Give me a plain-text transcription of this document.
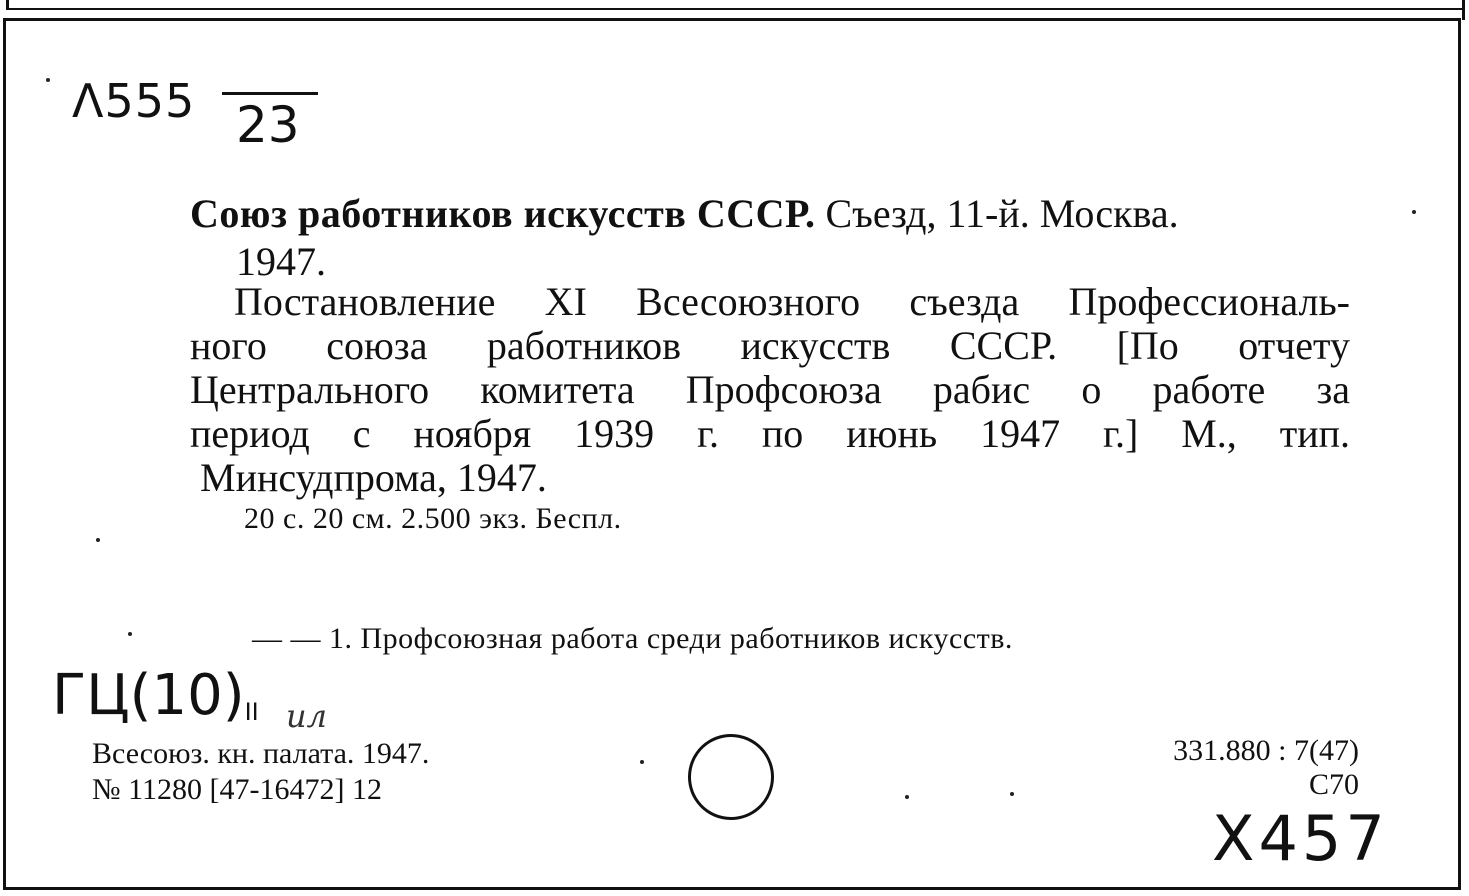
Λ555 23
Союз работников искусств СССР. Съезд, 11-й. Москва.
1947.
Постановление XI Всесоюзного съезда Профессиональ-
ного союза работников искусств СССР. [По отчету
Центрального комитета Профсоюза рабис о работе за
период с ноября 1939 г. по июнь 1947 г.] М., тип.
Минсудпрома, 1947.
20 с. 20 см. 2.500 экз. Беспл.
— — 1. Профсоюзная работа среди работников искусств.
ГЦ(10)II ил
Всесоюз. кн. палата. 1947.
№ 11280 [47-16472] 12
331.880 : 7(47)
С70
Х457
